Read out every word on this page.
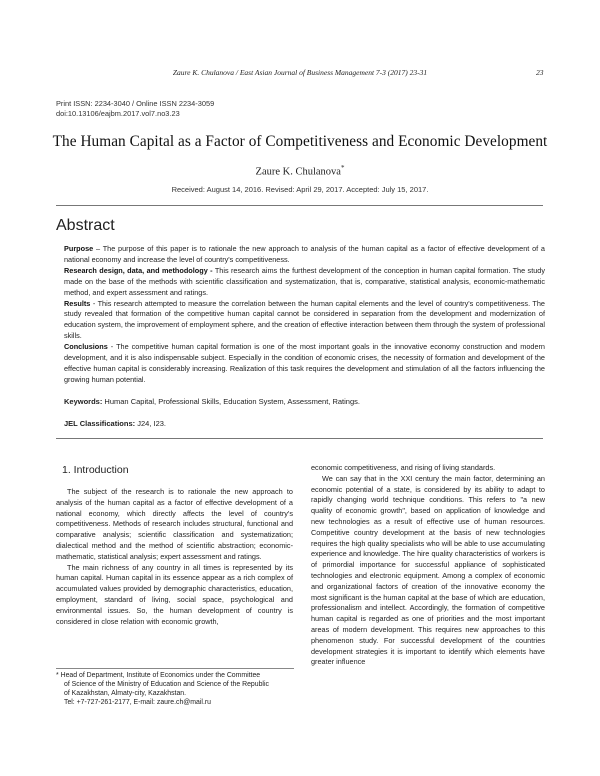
Zaure K. Chulanova / East Asian Journal of Business Management 7-3 (2017) 23-31	23
Print ISSN: 2234-3040 / Online ISSN 2234-3059
doi:10.13106/eajbm.2017.vol7.no3.23
The Human Capital as a Factor of Competitiveness and Economic Development
Zaure K. Chulanova*
Received: August 14, 2016. Revised: April 29, 2017. Accepted: July 15, 2017.
Abstract

Purpose – The purpose of this paper is to rationale the new approach to analysis of the human capital as a factor of effective development of a national economy and increase the level of country's competitiveness.

Research design, data, and methodology - This research aims the furthest development of the conception in human capital formation. The study made on the base of the methods with scientific classification and systematization, that is, comparative, statistical analysis, economic-mathematic method, and expert assessment and ratings.

Results - This research attempted to measure the correlation between the human capital elements and the level of country's competitiveness. The study revealed that formation of the competitive human capital cannot be considered in separation from the development and modernization of education system, the improvement of employment sphere, and the creation of effective interaction between them through the system of professional skills.

Conclusions - The competitive human capital formation is one of the most important goals in the innovative economy construction and modern development, and it is also indispensable subject. Especially in the condition of economic crises, the necessity of formation and development of the effective human capital is considerably increasing. Realization of this task requires the development and stimulation of all the factors influencing the growing human potential.

Keywords: Human Capital, Professional Skills, Education System, Assessment, Ratings.
JEL Classifications: J24, I23.
1. Introduction

The subject of the research is to rationale the new approach to analysis of the human capital as a factor of effective development of a national economy, which directly affects the level of country's competitiveness. Methods of research includes structural, functional and comparative analysis; scientific classification and systematization; dialectical method and the method of scientific abstraction; economic-mathematic, statistical analysis; expert assessment and ratings.

The main richness of any country in all times is represented by its human capital. Human capital in its essence appear as a rich complex of accumulated values provided by demographic characteristics, education, employment, standard of living, social space, psychological and environmental issues. So, the human development of country is considered in close relation with economic growth,

economic competitiveness, and rising of living standards.

We can say that in the XXI century the main factor, determining an economic potential of a state, is considered by its ability to adapt to rapidly changing world technique conditions. This refers to "a new quality of economic growth", based on application of knowledge and new technologies as a result of effective use of human resources. Competitive country development at the basis of new technologies requires the high quality specialists who will be able to use accumulating experience and knowledge. The hire quality characteristics of workers is of primordial importance for successful appliance of sophisticated technologies and electronic equipment. Among a complex of economic and organizational factors of creation of the innovative economy the most significant is the human capital at the base of which are education, professionalism and intellect. Accordingly, the formation of competitive human capital is regarded as one of priorities and the most important areas of modern development. This requires new approaches to this phenomenon study. For successful development of the countries development strategies it is important to identify which elements have greater influence

* Head of Department, Institute of Economics under the Committee
of Science of the Ministry of Education and Science of the Republic
of Kazakhstan, Almaty-city, Kazakhstan.
Tel: +7-727-261-2177, E-mail: zaure.ch@mail.ru
